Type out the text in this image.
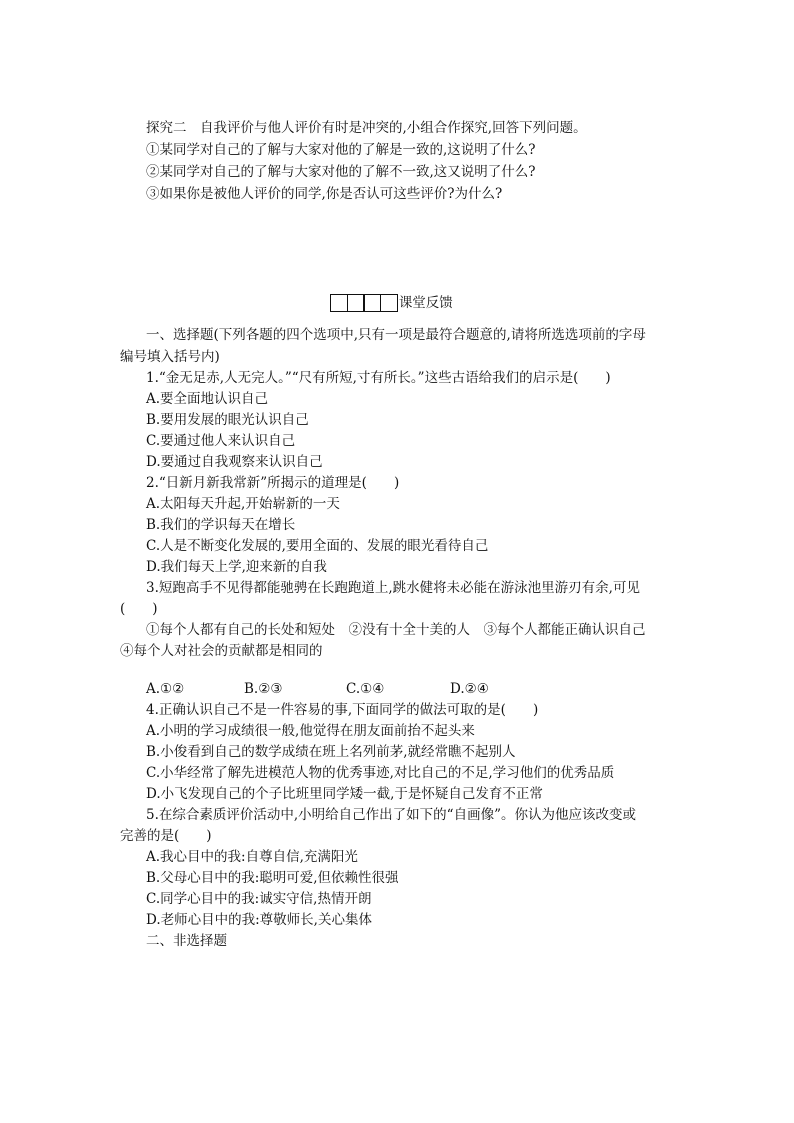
探究二　自我评价与他人评价有时是冲突的,小组合作探究,回答下列问题。
①某同学对自己的了解与大家对他的了解是一致的,这说明了什么?
②某同学对自己的了解与大家对他的了解不一致,这又说明了什么?
③如果你是被他人评价的同学,你是否认可这些评价?为什么?
课堂反馈
一、选择题(下列各题的四个选项中,只有一项是最符合题意的,请将所选选项前的字母
编号填入括号内)
1.“金无足赤,人无完人。”“尺有所短,寸有所长。”这些古语给我们的启示是(　　)
A.要全面地认识自己
B.要用发展的眼光认识自己
C.要通过他人来认识自己
D.要通过自我观察来认识自己
2.“日新月新我常新”所揭示的道理是(　　)
A.太阳每天升起,开始崭新的一天
B.我们的学识每天在增长
C.人是不断变化发展的,要用全面的、发展的眼光看待自己
D.我们每天上学,迎来新的自我
3.短跑高手不见得都能驰骋在长跑跑道上,跳水健将未必能在游泳池里游刃有余,可见
(　　)
①每个人都有自己的长处和短处　②没有十全十美的人　③每个人都能正确认识自己
④每个人对社会的贡献都是相同的
A.①②	B.②③	C.①④	D.②④
4.正确认识自己不是一件容易的事,下面同学的做法可取的是(　　)
A.小明的学习成绩很一般,他觉得在朋友面前抬不起头来
B.小俊看到自己的数学成绩在班上名列前茅,就经常瞧不起别人
C.小华经常了解先进模范人物的优秀事迹,对比自己的不足,学习他们的优秀品质
D.小飞发现自己的个子比班里同学矮一截,于是怀疑自己发育不正常
5.在综合素质评价活动中,小明给自己作出了如下的“自画像”。你认为他应该改变或
完善的是(　　)
A.我心目中的我:自尊自信,充满阳光
B.父母心目中的我:聪明可爱,但依赖性很强
C.同学心目中的我:诚实守信,热情开朗
D.老师心目中的我:尊敬师长,关心集体
二、非选择题
